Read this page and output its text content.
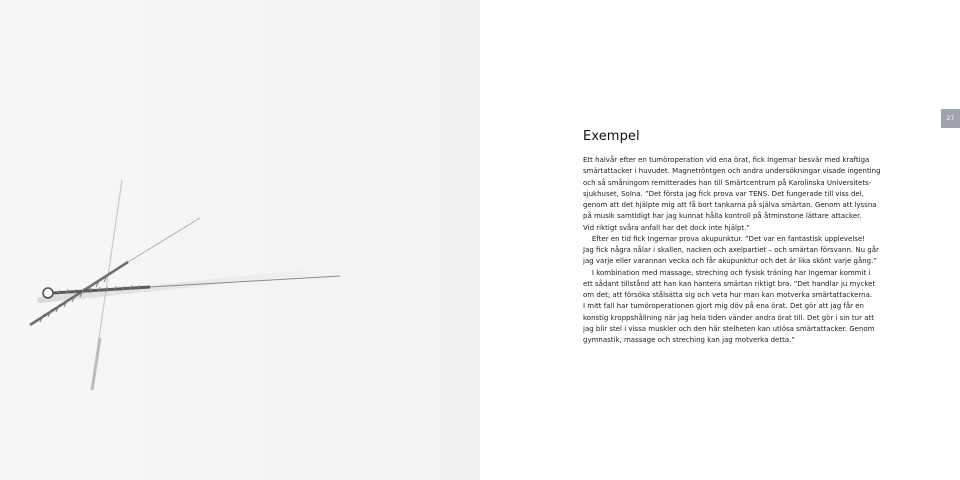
27
Exempel
Ett halvår efter en tumöroperation vid ena örat, fick Ingemar besvär med kraftiga
smärtattacker i huvudet. Magnetröntgen och andra undersökningar visade ingenting
och så småningom remitterades han till Smärtcentrum på Karolinska Universitets-
sjukhuset, Solna. ”Det första jag fick prova var TENS. Det fungerade till viss del,
genom att det hjälpte mig att få bort tankarna på själva smärtan. Genom att lyssna
på musik samtidigt har jag kunnat hålla kontroll på åtminstone lättare attacker.
Vid riktigt svåra anfall har det dock inte hjälpt.”
Efter en tid fick Ingemar prova akupunktur. ”Det var en fantastisk upplevelse!
Jag fick några nålar i skallen, nacken och axelpartiet – och smärtan försvann. Nu går
jag varje eller varannan vecka och får akupunktur och det är lika skönt varje gång.”
I kombination med massage, streching och fysisk träning har Ingemar kommit i
ett sådant tillstånd att han kan hantera smärtan riktigt bra. ”Det handlar ju mycket
om det; att försöka stålsätta sig och veta hur man kan motverka smärtattackerna.
I mitt fall har tumöroperationen gjort mig döv på ena örat. Det gör att jag får en
konstig kroppshållning när jag hela tiden vänder andra örat till. Det gör i sin tur att
jag blir stel i vissa muskler och den här stelheten kan utlösa smärtattacker. Genom
gymnastik, massage och streching kan jag motverka detta.”
